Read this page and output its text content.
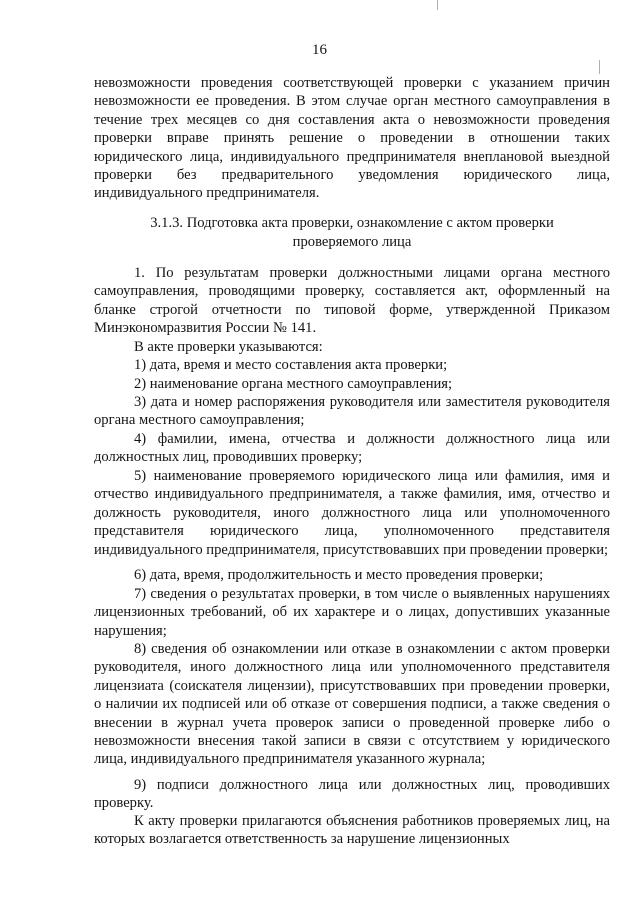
16

невозможности проведения соответствующей проверки с указанием причин невозможности ее проведения. В этом случае орган местного самоуправления в течение трех месяцев со дня составления акта о невозможности проведения проверки вправе принять решение о проведении в отношении таких юридического лица, индивидуального предпринимателя внеплановой выездной проверки без предварительного уведомления юридического лица, индивидуального предпринимателя.

3.1.3. Подготовка акта проверки, ознакомление с актом проверки
проверяемого лица

1. По результатам проверки должностными лицами органа местного самоуправления, проводящими проверку, составляется акт, оформленный на бланке строгой отчетности по типовой форме, утвержденной Приказом Минэкономразвития России № 141.

В акте проверки указываются:

1) дата, время и место составления акта проверки;

2) наименование органа местного самоуправления;

3) дата и номер распоряжения руководителя или заместителя руководителя органа местного самоуправления;

4) фамилии, имена, отчества и должности должностного лица или должностных лиц, проводивших проверку;

5) наименование проверяемого юридического лица или фамилия, имя и отчество индивидуального предпринимателя, а также фамилия, имя, отчество и должность руководителя, иного должностного лица или уполномоченного представителя юридического лица, уполномоченного представителя индивидуального предпринимателя, присутствовавших при проведении проверки;

6) дата, время, продолжительность и место проведения проверки;

7) сведения о результатах проверки, в том числе о выявленных нарушениях лицензионных требований, об их характере и о лицах, допустивших указанные нарушения;

8) сведения об ознакомлении или отказе в ознакомлении с актом проверки руководителя, иного должностного лица или уполномоченного представителя лицензиата (соискателя лицензии), присутствовавших при проведении проверки, о наличии их подписей или об отказе от совершения подписи, а также сведения о внесении в журнал учета проверок записи о проведенной проверке либо о невозможности внесения такой записи в связи с отсутствием у юридического лица, индивидуального предпринимателя указанного журнала;

9) подписи должностного лица или должностных лиц, проводивших проверку.

К акту проверки прилагаются объяснения работников проверяемых лиц, на которых возлагается ответственность за нарушение лицензионных
